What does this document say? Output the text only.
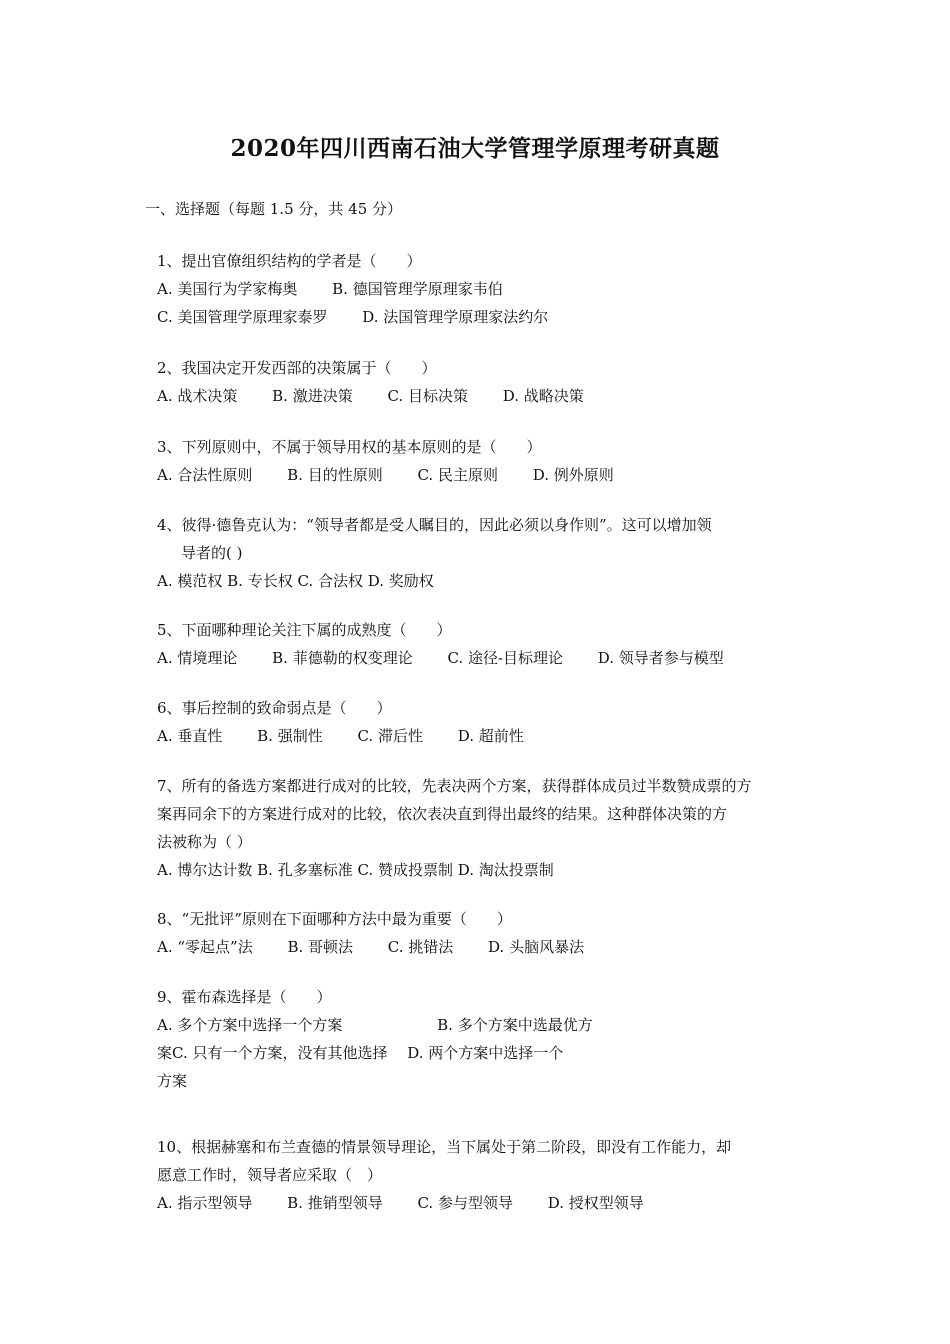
2020年四川西南石油大学管理学原理考研真题
一、选择题（每题 1.5 分，共 45 分）
1、提出官僚组织结构的学者是（　　）
A. 美国行为学家梅奥　　 B. 德国管理学原理家韦伯
C. 美国管理学原理家泰罗　　 D. 法国管理学原理家法约尔
2、我国决定开发西部的决策属于（　　）
A. 战术决策　　 B. 激进决策　　 C. 目标决策　　 D. 战略决策
3、下列原则中，不属于领导用权的基本原则的是（　　）
A. 合法性原则　　 B. 目的性原则　　 C. 民主原则　　 D. 例外原则
4、彼得·德鲁克认为：“领导者都是受人瞩目的，因此必须以身作则”。这可以增加领
导者的( )
A. 模范权 B. 专长权 C. 合法权 D. 奖励权
5、下面哪种理论关注下属的成熟度（　　）
A. 情境理论　　 B. 菲德勒的权变理论　　 C. 途径-目标理论　　 D. 领导者参与模型
6、事后控制的致命弱点是（　　）
A. 垂直性　　 B. 强制性　　 C. 滞后性　　 D. 超前性
7、所有的备选方案都进行成对的比较，先表决两个方案，获得群体成员过半数赞成票的方
案再同余下的方案进行成对的比较，依次表决直到得出最终的结果。这种群体决策的方
法被称为（ ）
A. 博尔达计数 B. 孔多塞标准 C. 赞成投票制 D. 淘汰投票制
8、“无批评”原则在下面哪种方法中最为重要（　　）
A. “零起点”法　　 B. 哥顿法　　 C. 挑错法　　 D. 头脑风暴法
9、霍布森选择是（　　）
A. 多个方案中选择一个方案　　　　　　 B. 多个方案中选最优方
案C. 只有一个方案，没有其他选择　 D. 两个方案中选择一个
方案
10、根据赫塞和布兰查德的情景领导理论，当下属处于第二阶段，即没有工作能力，却
愿意工作时，领导者应采取（　）
A. 指示型领导　　 B. 推销型领导　　 C. 参与型领导　　 D. 授权型领导
